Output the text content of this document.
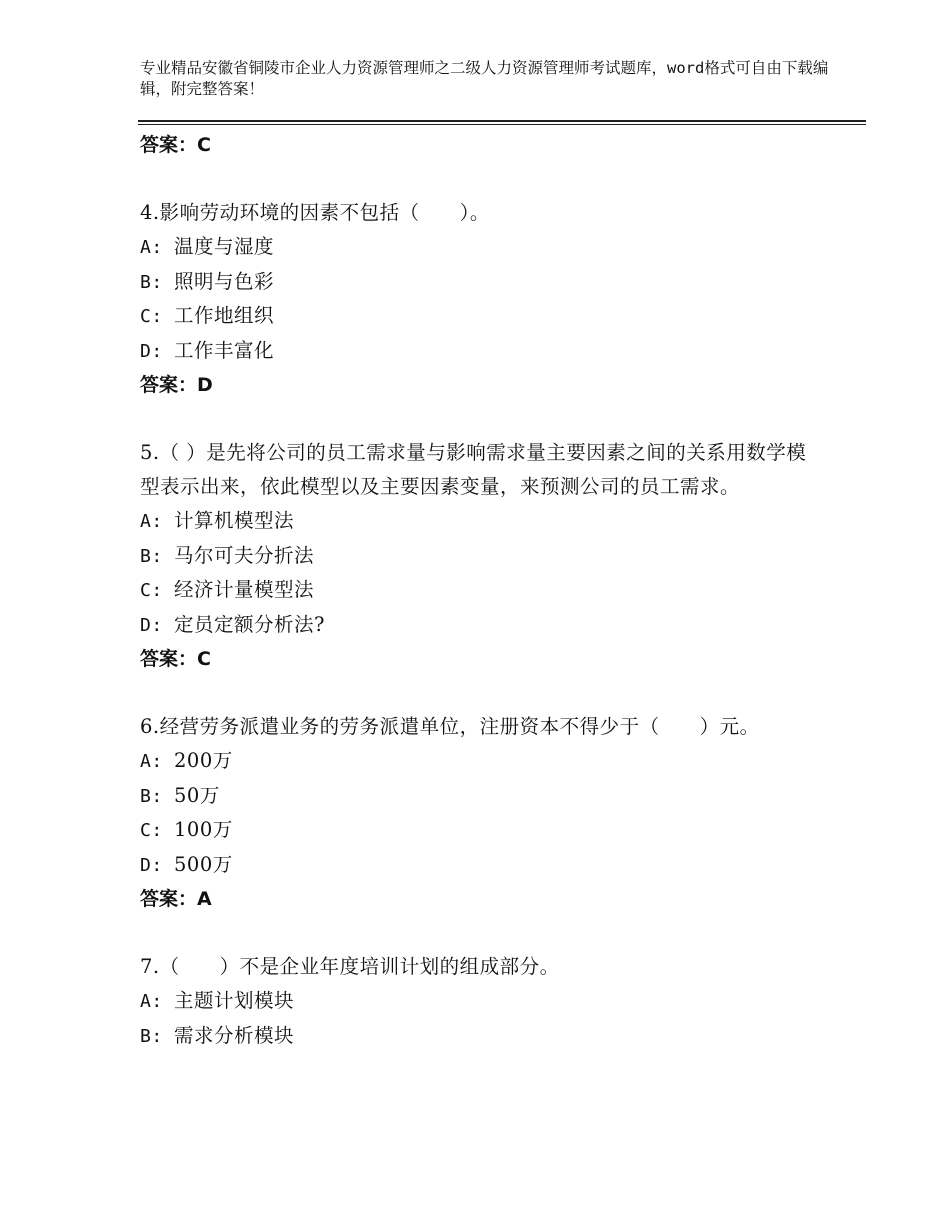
专业精品安徽省铜陵市企业人力资源管理师之二级人力资源管理师考试题库，word格式可自由下载编辑，附完整答案！

答案：C

4.影响劳动环境的因素不包括（　　）。

A: 温度与湿度

B: 照明与色彩

C: 工作地组织

D: 工作丰富化

答案：D

5.（ ）是先将公司的员工需求量与影响需求量主要因素之间的关系用数学模型表示出来，依此模型以及主要因素变量，来预测公司的员工需求。

A: 计算机模型法

B: 马尔可夫分折法

C: 经济计量模型法

D: 定员定额分析法?

答案：C

6.经营劳务派遣业务的劳务派遣单位，注册资本不得少于（　　）元。

A: 200万

B: 50万

C: 100万

D: 500万

答案：A

7.（　　）不是企业年度培训计划的组成部分。

A: 主题计划模块

B: 需求分析模块
